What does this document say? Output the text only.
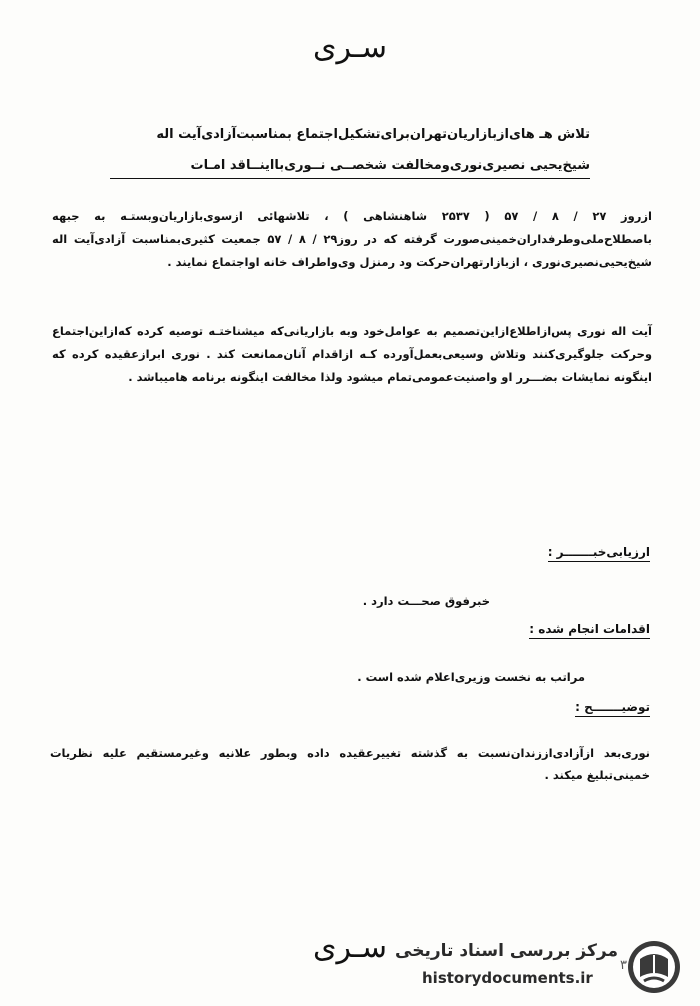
سـری
تلاش هـ های‌ازبازاریان‌تهران‌برای‌تشکیل‌اجتماع بمناسبت‌آزادی‌آیت اله
شیخ‌یحیی نصیری‌نوری‌ومخالفت‌ شخصــی نــوری‌بااینــاقد امـات
ازروز ۲۷ / ۸ / ۵۷ ( ۲۵۳۷ شاهنشاهی ) ، تلاشهائی ازسوی‌بازاریان‌وبستـه به جبهه باصطلاح‌ملی‌وطرفداران‌خمینی‌صورت گرفته که در روز۲۹ / ۸ / ۵۷ جمعیت کثیری‌بمناسبت آزادی‌آیت اله شیخ‌یحیی‌نصیری‌نوری ، ازبازارتهران‌حرکت ود رمنزل وی‌واطراف خانه‌ اواجتماع نمایند .
آیت اله نوری پس‌ازاطلاع‌ازاین‌تصمیم به عوامل‌خود وبه بازاریانی‌که میشناختـه توصیه کرده که‌ازاین‌اجتماع وحرکت جلوگیری‌کنند وتلاش وسیعی‌بعمل‌آورده کـه ازاقدام آنان‌ممانعت کند . نوری ابرازعقیده کرده که اینگونه نمایشات بضـــرر او واصنیت‌عمومی‌تمام میشود ولذا مخالفت اینگونه برنامه هامیباشد .
ارزیابی‌خبـــــــر :
خبرفوق صحـــت دارد .
اقدامات انجام شده :
مراتب به نخست وزیری‌اعلام شده است .
توضیـــــــح :
نوری‌بعد ازآزادی‌اززندان‌نسبت به گذشته تغییرعقیده داده وبطور علانیه وغیرمستقیم علیه نظریات خمینی‌تبلیغ میکند .
سـری
۳
مرکز بررسی اسناد تاریخی
historydocuments.ir
